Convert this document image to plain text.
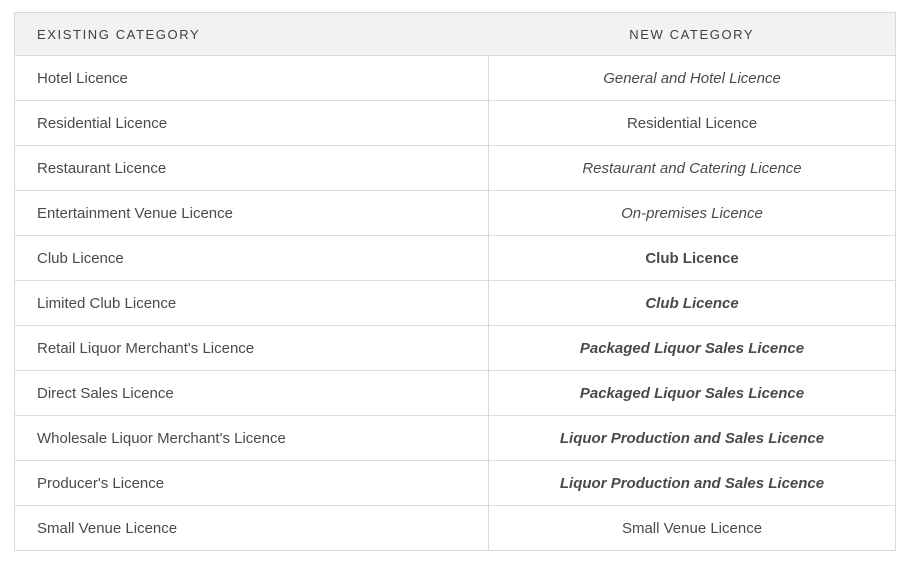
EXISTING CATEGORY	NEW CATEGORY
Hotel Licence	General and Hotel Licence
Residential Licence	Residential Licence
Restaurant Licence	Restaurant and Catering Licence
Entertainment Venue Licence	On-premises Licence
Club Licence	Club Licence
Limited Club Licence	Club Licence
Retail Liquor Merchant's Licence	Packaged Liquor Sales Licence
Direct Sales Licence	Packaged Liquor Sales Licence
Wholesale Liquor Merchant's Licence	Liquor Production and Sales Licence
Producer's Licence	Liquor Production and Sales Licence
Small Venue Licence	Small Venue Licence
